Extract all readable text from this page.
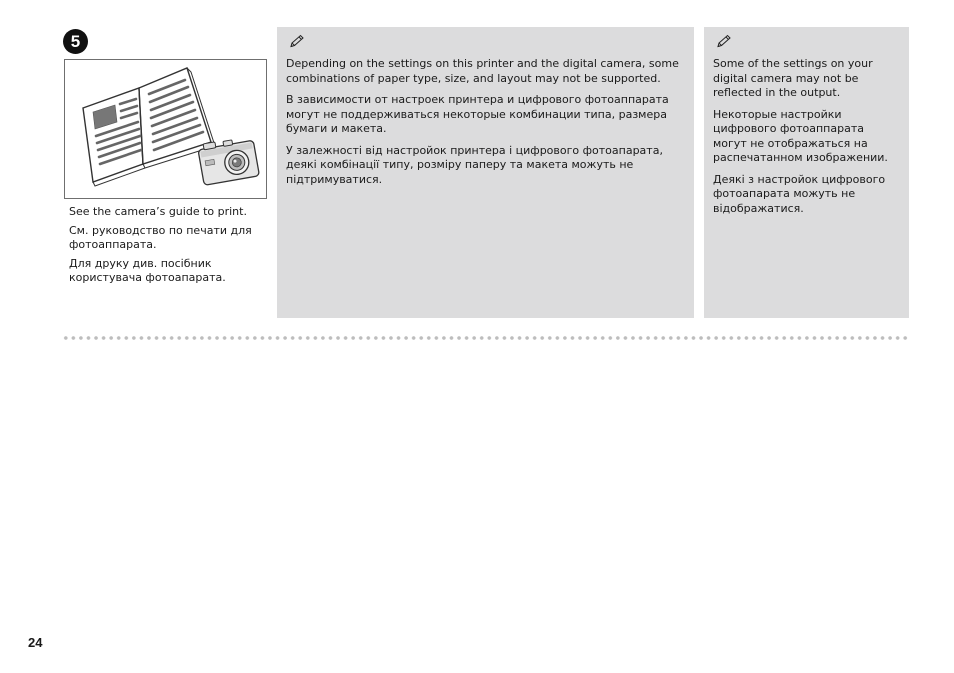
5

See the camera’s guide to print.

См. руководство по печати для фотоаппарата.

Для друку див. посібник користувача фотоапарата.

Depending on the settings on this printer and the digital camera, some combinations of paper type, size, and layout may not be supported.

В зависимости от настроек принтера и цифрового фотоаппарата могут не поддерживаться некоторые комбинации типа, размера бумаги и макета.

У залежності від настройок принтера і цифрового фотоапарата, деякі комбінації типу, розміру паперу та макета можуть не підтримуватися.

Some of the settings on your digital camera may not be reflected in the output.

Некоторые настройки цифрового фотоаппарата могут не отображаться на распечатанном изображении.

Деякі з настройок цифрового фотоапарата можуть не відображатися.

24
